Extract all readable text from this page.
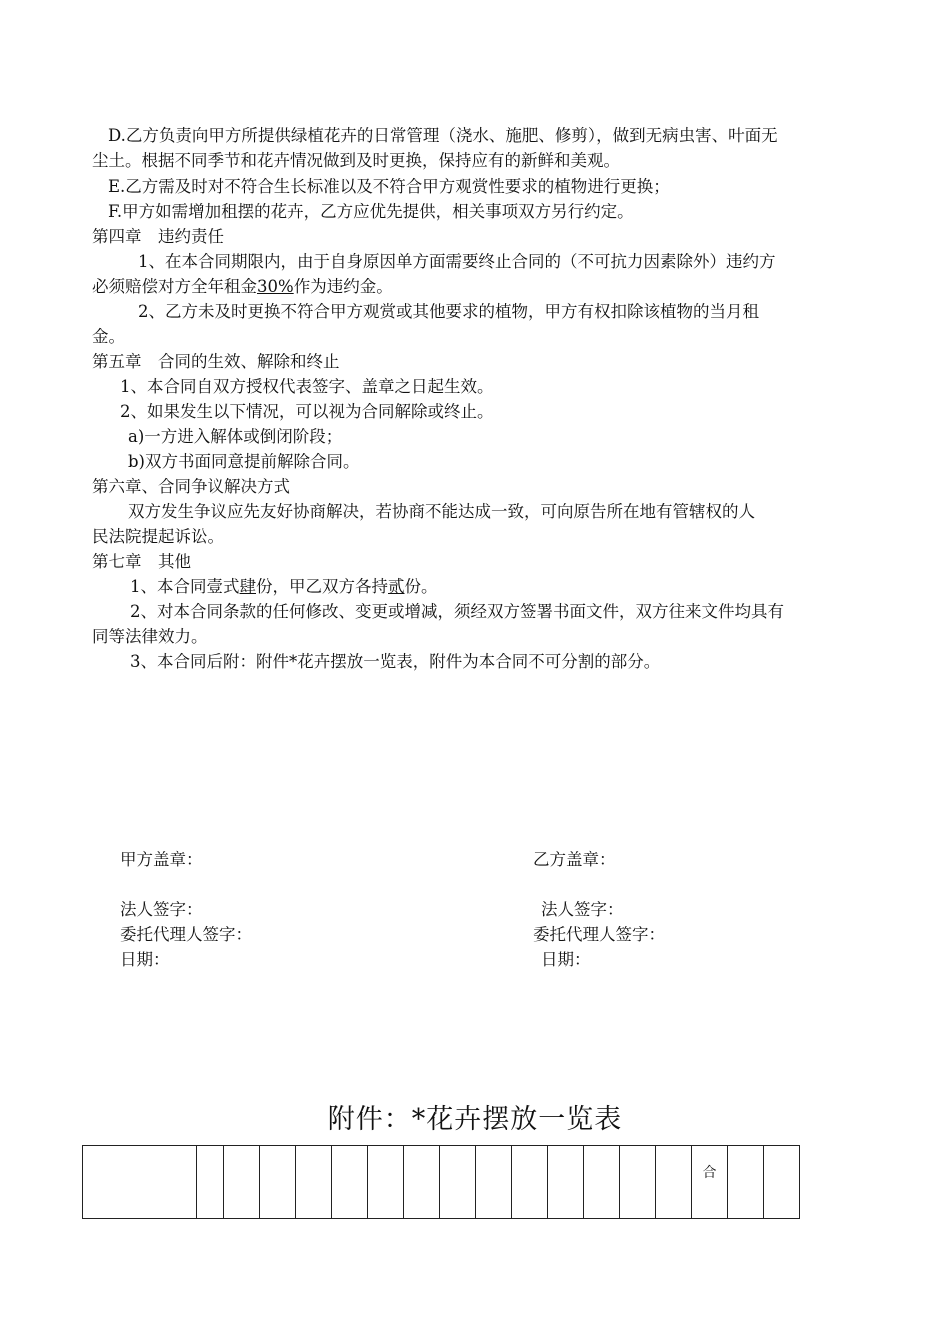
D.乙方负责向甲方所提供绿植花卉的日常管理（浇水、施肥、修剪），做到无病虫害、叶面无
尘土。根据不同季节和花卉情况做到及时更换，保持应有的新鲜和美观。
E.乙方需及时对不符合生长标准以及不符合甲方观赏性要求的植物进行更换；
F.甲方如需增加租摆的花卉，乙方应优先提供，相关事项双方另行约定。
第四章　违约责任
1、在本合同期限内，由于自身原因单方面需要终止合同的（不可抗力因素除外）违约方
必须赔偿对方全年租金30%作为违约金。
2、乙方未及时更换不符合甲方观赏或其他要求的植物，甲方有权扣除该植物的当月租
金。
第五章　合同的生效、解除和终止
1、本合同自双方授权代表签字、盖章之日起生效。
2、如果发生以下情况，可以视为合同解除或终止。
a)一方进入解体或倒闭阶段；
b)双方书面同意提前解除合同。
第六章、合同争议解决方式
双方发生争议应先友好协商解决，若协商不能达成一致，可向原告所在地有管辖权的人
民法院提起诉讼。
第七章　其他
1、本合同壹式肆份，甲乙双方各持贰份。
2、对本合同条款的任何修改、变更或增减，须经双方签署书面文件，双方往来文件均具有
同等法律效力。
3、本合同后附：附件*花卉摆放一览表，附件为本合同不可分割的部分。
甲方盖章：	乙方盖章：
法人签字：	法人签字：
委托代理人签字：	委托代理人签字：
日期：	日期：
附件：*花卉摆放一览表
															合		
